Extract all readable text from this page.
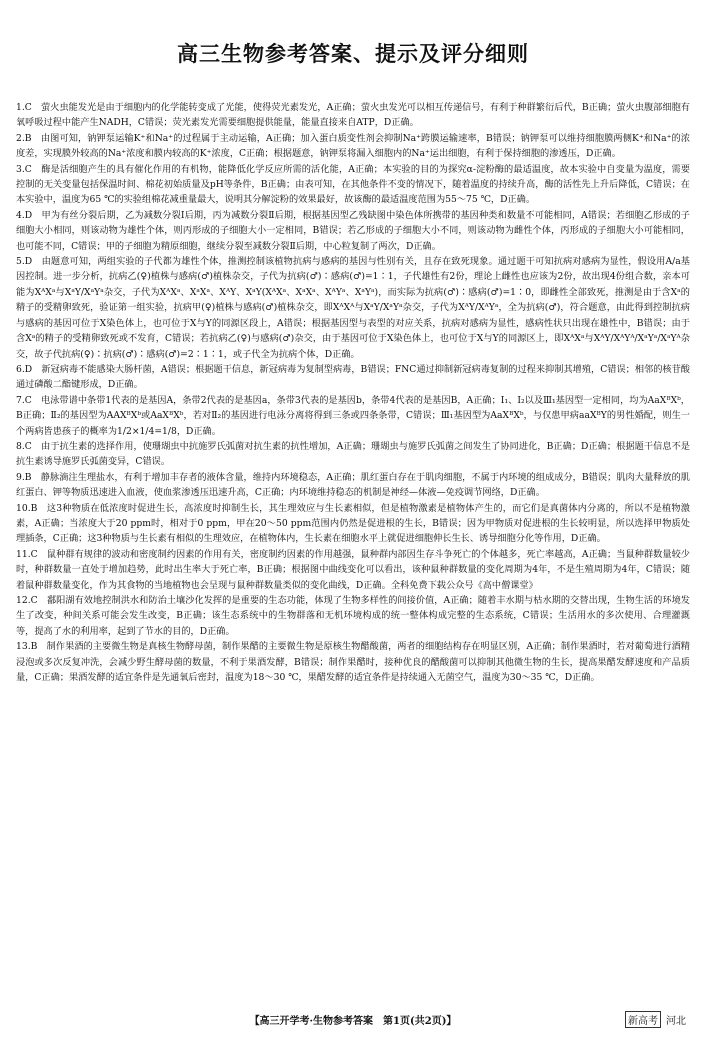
高三生物参考答案、提示及评分细则

1.C　萤火虫能发光是由于细胞内的化学能转变成了光能，使得荧光素发光，A正确；萤火虫发光可以相互传递信号，有利于种群繁衍后代，B正确；萤火虫腹部细胞有氧呼吸过程中能产生NADH，C错误；荧光素发光需要细胞提供能量，能量直接来自ATP，D正确。

2.B　由图可知，钠钾泵运输K⁺和Na⁺的过程属于主动运输，A正确；加入蛋白质变性剂会抑制Na⁺跨膜运输速率，B错误；钠钾泵可以维持细胞膜两侧K⁺和Na⁺的浓度差，实现膜外较高的Na⁺浓度和膜内较高的K⁺浓度，C正确；根据题意，钠钾泵将漏入细胞内的Na⁺运出细胞，有利于保持细胞的渗透压，D正确。

3.C　酶是活细胞产生的具有催化作用的有机物，能降低化学反应所需的活化能，A正确；本实验的目的为探究α-淀粉酶的最适温度，故本实验中自变量为温度，需要控制的无关变量包括保温时间、棉花初始质量及pH等条件，B正确；由表可知，在其他条件不变的情况下，随着温度的持续升高，酶的活性先上升后降低，C错误；在本实验中，温度为65 ℃的实验组棉花减重量最大，说明其分解淀粉的效果最好，故该酶的最适温度范围为55～75 ℃，D正确。

4.D　甲为有丝分裂后期，乙为减数分裂Ⅰ后期，丙为减数分裂Ⅱ后期，根据基因型乙残缺图中染色体所携带的基因种类和数量不可能相同，A错误；若细胞乙形成的子细胞大小相同，则该动物为雄性个体，则丙形成的子细胞大小一定相同，B错误；若乙形成的子细胞大小不同，则该动物为雌性个体，丙形成的子细胞大小可能相同，也可能不同，C错误；甲的子细胞为精原细胞，继续分裂至减数分裂Ⅱ后期，中心粒复制了两次，D正确。

5.D　由题意可知，两组实验的子代都为雄性个体，推测控制该植物抗病与感病的基因与性别有关，且存在致死现象。通过题干可知抗病对感病为显性，假设用A/a基因控制。进一步分析，抗病乙(♀)植株与感病(♂)植株杂交，子代为抗病(♂)∶感病(♂)=1∶1，子代雄性有2份，理论上雌性也应该为2份，故出现4份组合数，亲本可能为XᴬXᵃ与XᵃY/XᵃYᵃ杂交，子代为XᴬXᵃ、XᵃXᵃ、XᴬY、XᵃY(XᴬXᵃ、XᵃXᵃ、XᴬYᵃ、XᵃYᵃ)，而实际为抗病(♂)∶感病(♂)=1∶0，即雌性全部致死，推测是由于含Xᵃ的精子的受精卵致死，验证第一组实验，抗病甲(♀)植株与感病(♂)植株杂交，即XᴬXᴬ与XᵃY/XᵃYᵃ杂交，子代为XᴬY/XᴬYᵃ，全为抗病(♂)，符合题意，由此得到控制抗病与感病的基因可位于X染色体上，也可位于X与Y的同源区段上，A错误；根据基因型与表型的对应关系，抗病对感病为显性，感病性状只出现在雄性中，B错误；由于含Xᵃ的精子的受精卵致死或不发育，C错误；若抗病乙(♀)与感病(♂)杂交，由于基因可位于X染色体上，也可位于X与Y的同源区上，即XᴬXᵃ与XᴬY/XᴬYᴬ/XᵃYᵃ/XᵃYᴬ杂交，故子代抗病(♀)∶抗病(♂)∶感病(♂)=2∶1∶1，或子代全为抗病个体，D正确。

6.D　新冠病毒不能感染大肠杆菌，A错误；根据题干信息，新冠病毒为复制型病毒，B错误；FNC通过抑制新冠病毒复制的过程来抑制其增殖，C错误；相邻的核苷酸通过磷酸二酯键形成，D正确。

7.C　电泳带谱中条带1代表的是基因A，条带2代表的是基因a，条带3代表的是基因b，条带4代表的是基因B，A正确；Ⅰ₁、Ⅰ₂以及Ⅲ₁基因型一定相同，均为AaXᴮXᵇ，B正确；Ⅱ₂的基因型为AAXᴮXᵇ或AaXᴮXᵇ，若对Ⅱ₂的基因进行电泳分离将得到三条或四条条带，C错误；Ⅲ₁基因型为AaXᴮXᵇ，与仅患甲病aaXᴮY的男性婚配，则生一个两病皆患孩子的概率为1/2×1/4=1/8，D正确。

8.C　由于抗生素的选择作用，使珊瑚虫中抗施罗氏弧菌对抗生素的抗性增加，A正确；珊瑚虫与施罗氏弧菌之间发生了协同进化，B正确；D正确；根据题干信息不是抗生素诱导施罗氏弧菌变异，C错误。

9.B　静脉滴注生理盐水，有利于增加丰存者的液体含量，维持内环境稳态，A正确；肌红蛋白存在于肌肉细胞，不属于内环境的组成成分，B错误；肌肉大量释放的肌红蛋白、钾等物质迅速进入血液，使血浆渗透压迅速升高，C正确；内环境维持稳态的机制是神经—体液—免疫调节网络，D正确。

10.B　这3种物质在低浓度时促进生长，高浓度时抑制生长，其生理效应与生长素相似，但是植物激素是植物体产生的，而它们是真菌体内分离的，所以不是植物激素，A正确；当浓度大于20 ppm时，相对于0 ppm，甲在20～50 ppm范围内仍然是促进根的生长，B错误；因为甲物质对促进根的生长较明显，所以选择甲物质处理插条，C正确；这3种物质与生长素有相似的生理效应，在植物体内，生长素在细胞水平上就促进细胞伸长生长、诱导细胞分化等作用，D正确。

11.C　鼠种群有规律的波动和密度制约因素的作用有关，密度制约因素的作用越强，鼠种群内部因生存斗争死亡的个体越多，死亡率越高，A正确；当鼠种群数量较少时，种群数量一直处于增加趋势，此时出生率大于死亡率，B正确；根据图中曲线变化可以看出，该种鼠种群数量的变化周期为4年，不是生殖周期为4年，C错误；随着鼠种群数量变化，作为其食物的当地植物也会呈现与鼠种群数量类似的变化曲线，D正确。全科免费下载公众号《高中僧课堂》

12.C　鄱阳湖有效地控制洪水和防治土壤沙化发挥的是重要的生态功能，体现了生物多样性的间接价值，A正确；随着丰水期与枯水期的交替出现，生物生活的环境发生了改变，种间关系可能会发生改变，B正确；该生态系统中的生物群落和无机环境构成的统一整体构成完整的生态系统，C错误；生活用水的多次使用、合理灌溉等，提高了水的利用率，起到了节水的目的，D正确。

13.B　制作果酒的主要微生物是真核生物酵母菌，制作果醋的主要微生物是原核生物醋酸菌，两者的细胞结构存在明显区别，A正确；制作果酒时，若对葡萄进行酒精浸泡或多次反复冲洗，会减少野生酵母菌的数量，不利于果酒发酵，B错误；制作果醋时，接种优良的醋酸菌可以抑制其他微生物的生长，提高果醋发酵速度和产品质量，C正确；果酒发酵的适宜条件是先通氧后密封，温度为18～30 ℃，果醋发酵的适宜条件是持续通入无菌空气，温度为30～35 ℃，D正确。

【高三开学考·生物参考答案　第1页(共2页)】	新高考 河北
